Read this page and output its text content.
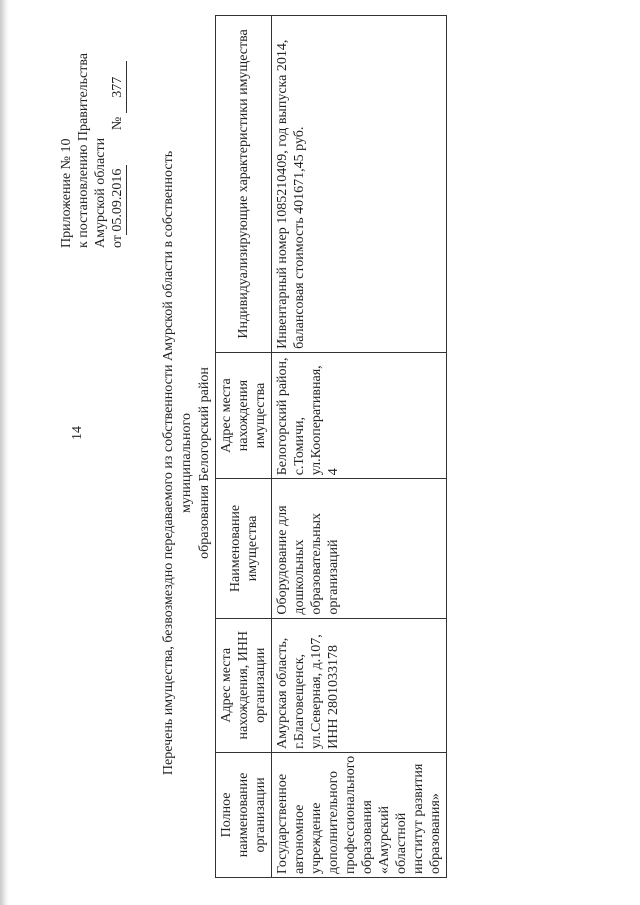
Приложение № 10 к постановлению Правительства Амурской области от05.09.2016          № 377
Перечень имущества, безвозмездно передаваемого из собственности Амурской области в собственность муниципального образования Белогорский район
Полное наименование организации	Адрес места нахождения, ИНН организации	Наименование имущества	Адрес места нахождения имущества	Индивидуализирующие характеристики имущества
Государственное автономное учреждение дополнительного профессионального образования «Амурский областной институт развития образования»	Амурская область, г.Благовещенск, ул.Северная, д.107, ИНН 2801033178	Оборудование для дошкольных образовательных организаций	Белогорский район, с.Томичи, ул.Кооперативная, 4	Инвентарный номер 1085210409, год выпуска 2014, балансовая стоимость 401671,45 руб.
14
